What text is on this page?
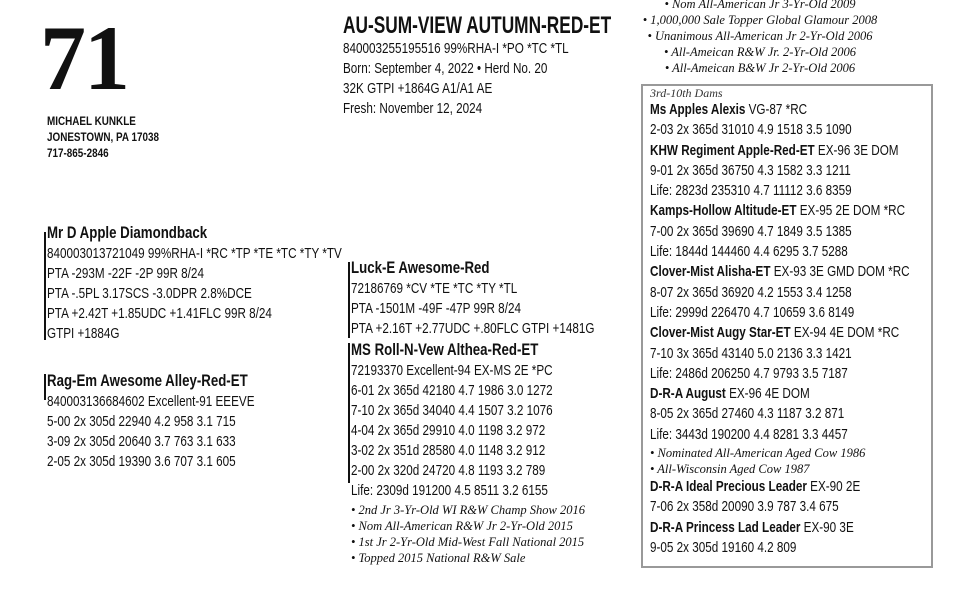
71
MICHAEL KUNKLE
JONESTOWN, PA 17038
717-865-2846
AU-SUM-VIEW AUTUMN-RED-ET
840003255195516 99%RHA-I *PO *TC *TL
Born: September 4, 2022 • Herd No. 20
32K GTPI +1864G A1/A1 AE
Fresh: November 12, 2024
• Nom All-American Jr 3-Yr-Old 2009
• 1,000,000 Sale Topper Global Glamour 2008
• Unanimous All-American Jr 2-Yr-Old 2006
• All-Ameican R&W Jr. 2-Yr-Old 2006
• All-Ameican B&W Jr 2-Yr-Old 2006
Mr D Apple Diamondback
840003013721049 99%RHA-I *RC *TP *TE *TC *TY *TV
PTA -293M -22F -2P 99R 8/24
PTA -.5PL 3.17SCS -3.0DPR 2.8%DCE
PTA +2.42T +1.85UDC +1.41FLC 99R 8/24
GTPI +1884G
Rag-Em Awesome Alley-Red-ET
840003136684602 Excellent-91 EEEVE
5-00 2x 305d 22940 4.2 958 3.1 715
3-09 2x 305d 20640 3.7 763 3.1 633
2-05 2x 305d 19390 3.6 707 3.1 605
Luck-E Awesome-Red
72186769 *CV *TE *TC *TY *TL
PTA -1501M -49F -47P 99R 8/24
PTA +2.16T +2.77UDC +.80FLC GTPI +1481G
MS Roll-N-Vew Althea-Red-ET
72193370 Excellent-94 EX-MS 2E *PC
6-01 2x 365d 42180 4.7 1986 3.0 1272
7-10 2x 365d 34040 4.4 1507 3.2 1076
4-04 2x 365d 29910 4.0 1198 3.2 972
3-02 2x 351d 28580 4.0 1148 3.2 912
2-00 2x 320d 24720 4.8 1193 3.2 789
Life: 2309d 191200 4.5 8511 3.2 6155
• 2nd Jr 3-Yr-Old WI R&W Champ Show 2016
• Nom All-American R&W Jr 2-Yr-Old 2015
• 1st Jr 2-Yr-Old Mid-West Fall National 2015
• Topped 2015 National R&W Sale
3rd-10th Dams
Ms Apples Alexis VG-87 *RC
2-03 2x 365d 31010 4.9 1518 3.5 1090
KHW Regiment Apple-Red-ET EX-96 3E DOM
9-01 2x 365d 36750 4.3 1582 3.3 1211
Life: 2823d 235310 4.7 11112 3.6 8359
Kamps-Hollow Altitude-ET EX-95 2E DOM *RC
7-00 2x 365d 39690 4.7 1849 3.5 1385
Life: 1844d 144460 4.4 6295 3.7 5288
Clover-Mist Alisha-ET EX-93 3E GMD DOM *RC
8-07 2x 365d 36920 4.2 1553 3.4 1258
Life: 2999d 226470 4.7 10659 3.6 8149
Clover-Mist Augy Star-ET EX-94 4E DOM *RC
7-10 3x 365d 43140 5.0 2136 3.3 1421
Life: 2486d 206250 4.7 9793 3.5 7187
D-R-A August EX-96 4E DOM
8-05 2x 365d 27460 4.3 1187 3.2 871
Life: 3443d 190200 4.4 8281 3.3 4457
• Nominated All-American Aged Cow 1986
• All-Wisconsin Aged Cow 1987
D-R-A Ideal Precious Leader EX-90 2E
7-06 2x 358d 20090 3.9 787 3.4 675
D-R-A Princess Lad Leader EX-90 3E
9-05 2x 305d 19160 4.2 809
